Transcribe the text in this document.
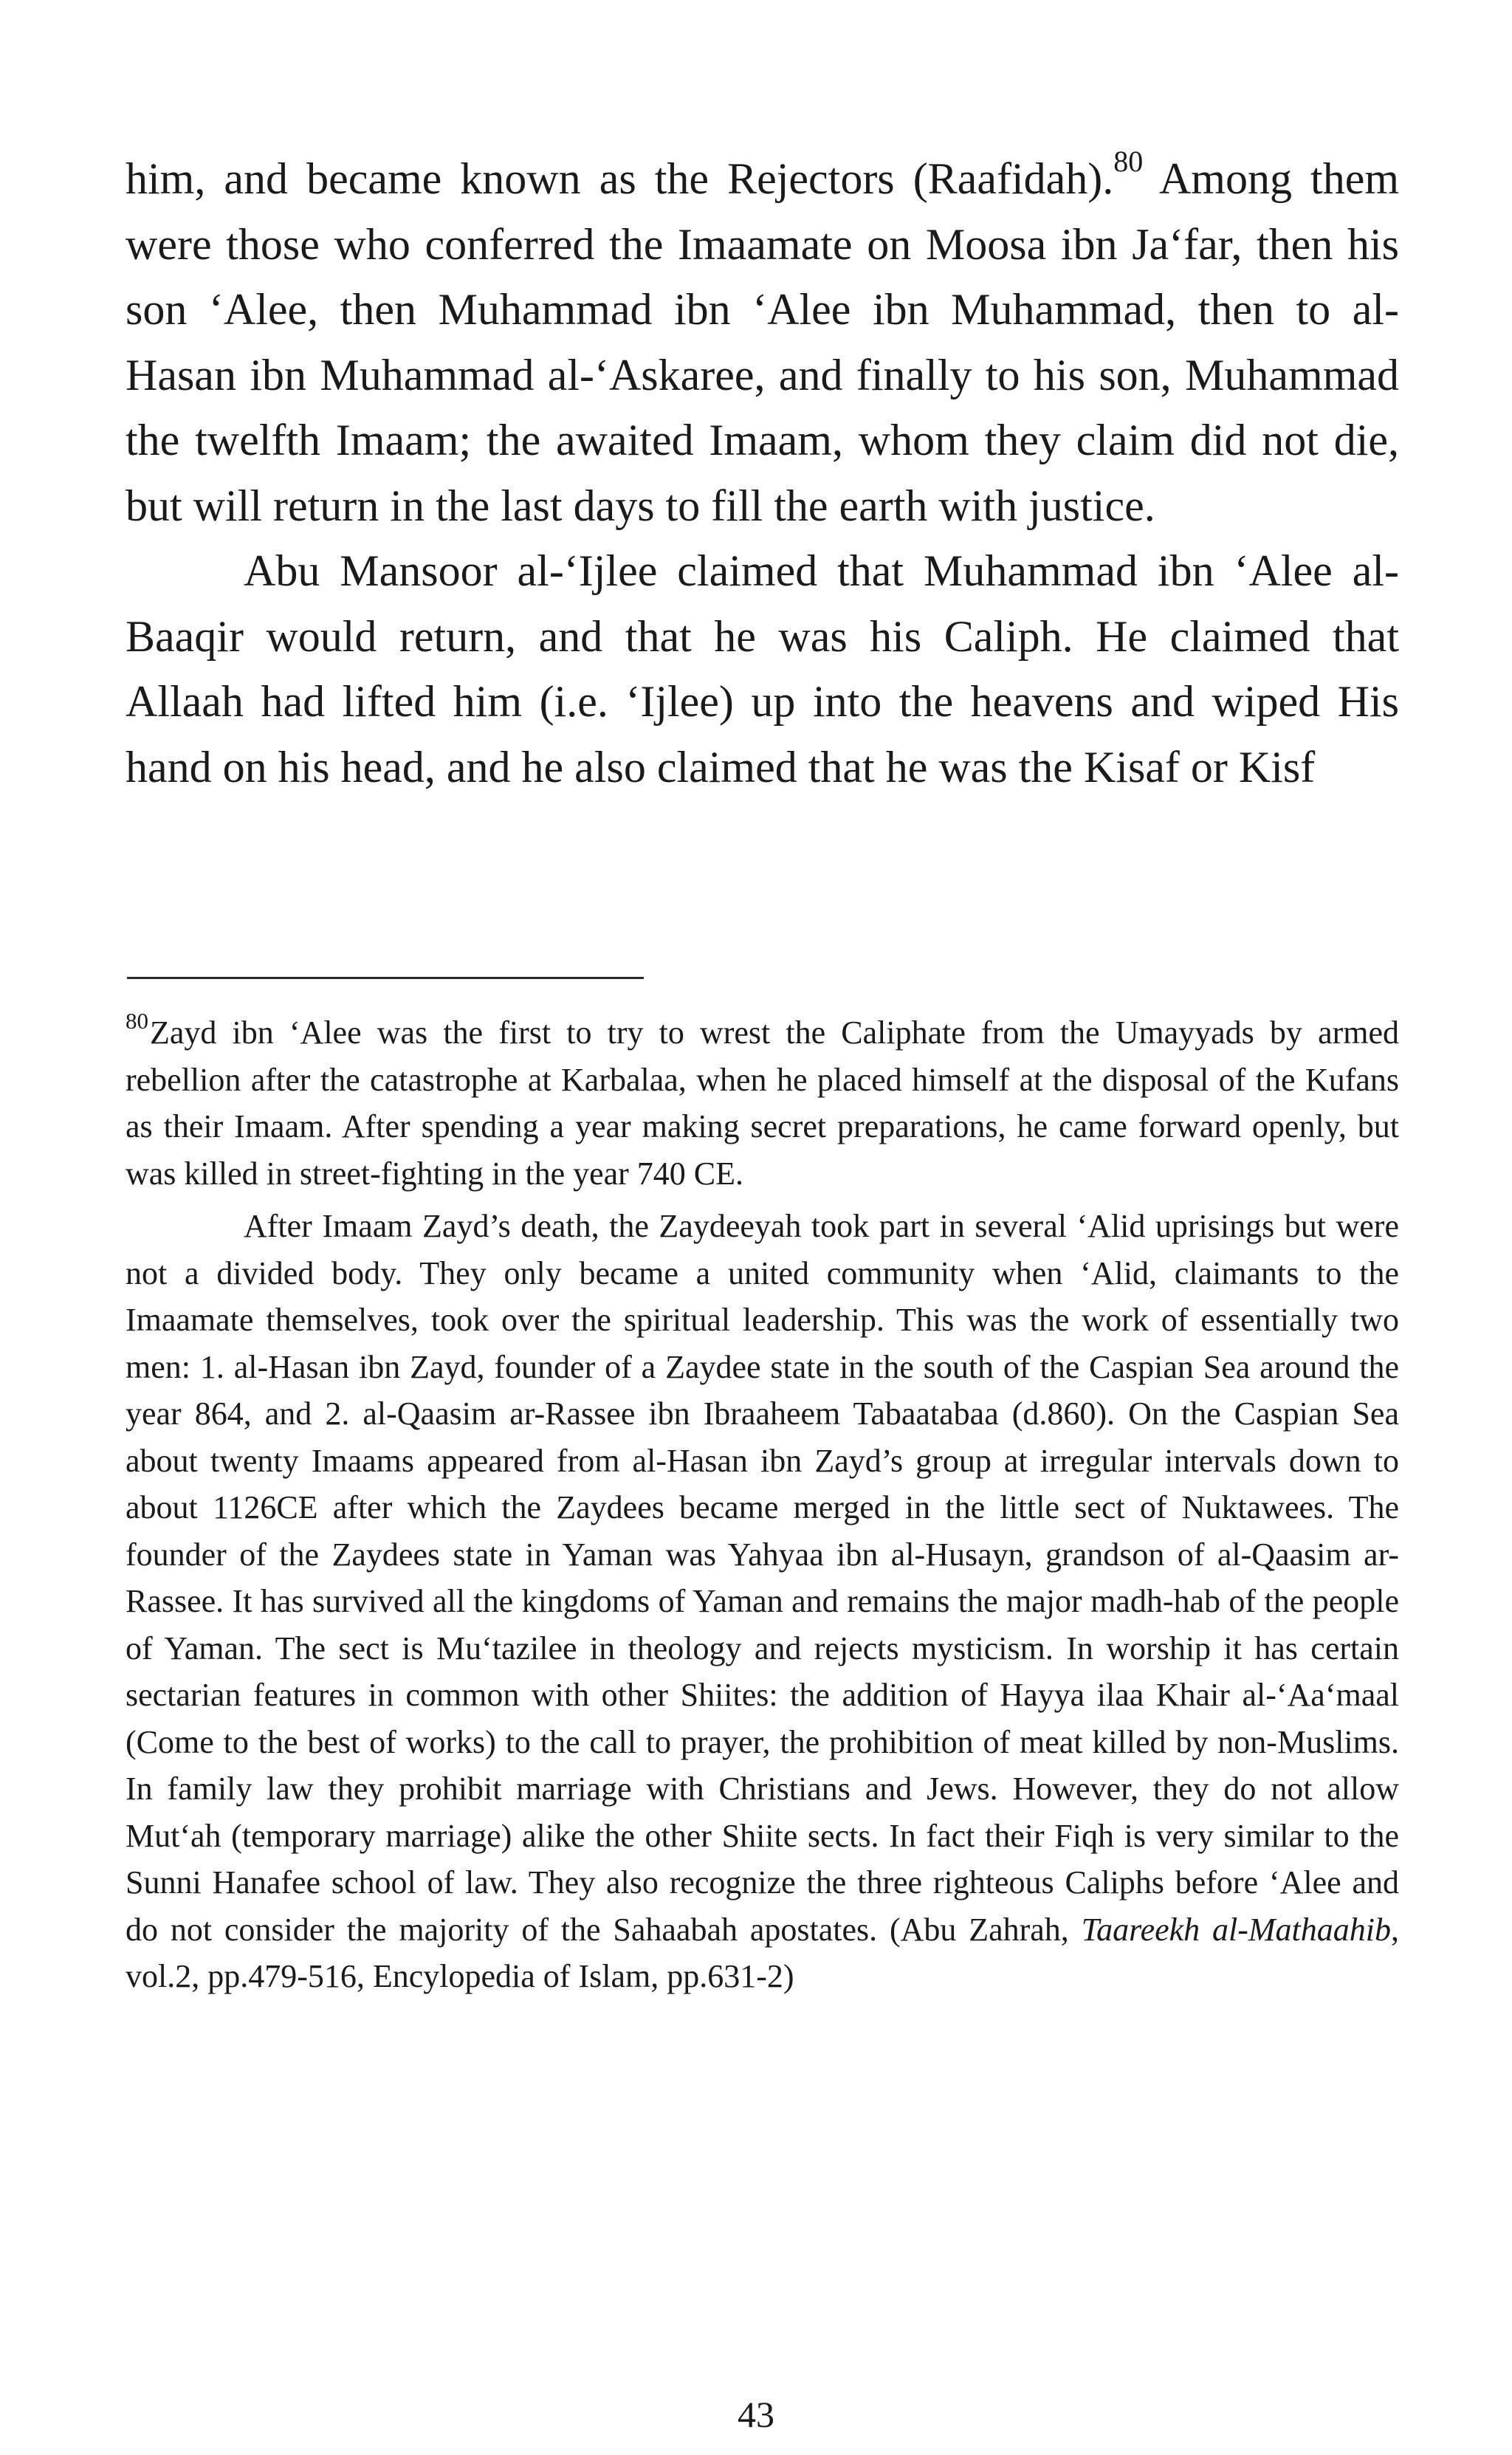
him, and became known as the Rejectors (Raafidah).$^{80}$ Among them were those who conferred the Imaamate on Moosa ibn Ja‘far, then his son ‘Alee, then Muhammad ibn ‘Alee ibn Muhammad, then to al-Hasan ibn Muhammad al-‘Askaree, and finally to his son, Muhammad the twelfth Imaam; the awaited Imaam, whom they claim did not die, but will return in the last days to fill the earth with justice.

Abu Mansoor al-‘Ijlee claimed that Muhammad ibn ‘Alee al-Baaqir would return, and that he was his Caliph. He claimed that Allaah had lifted him (i.e. ‘Ijlee) up into the heavens and wiped His hand on his head, and he also claimed that he was the Kisaf or Kisf

$^{80}$Zayd ibn ‘Alee was the first to try to wrest the Caliphate from the Umayyads by armed rebellion after the catastrophe at Karbalaa, when he placed himself at the disposal of the Kufans as their Imaam. After spending a year making secret preparations, he came forward openly, but was killed in street-fighting in the year 740 CE.

After Imaam Zayd’s death, the Zaydeeyah took part in several ‘Alid uprisings but were not a divided body. They only became a united community when ‘Alid, claimants to the Imaamate themselves, took over the spiritual leadership. This was the work of essentially two men: 1. al-Hasan ibn Zayd, founder of a Zaydee state in the south of the Caspian Sea around the year 864, and 2. al-Qaasim ar-Rassee ibn Ibraaheem Tabaatabaa (d.860). On the Caspian Sea about twenty Imaams appeared from al-Hasan ibn Zayd’s group at irregular intervals down to about 1126CE after which the Zaydees became merged in the little sect of Nuktawees. The founder of the Zaydees state in Yaman was Yahyaa ibn al-Husayn, grandson of al-Qaasim ar-Rassee. It has survived all the kingdoms of Yaman and remains the major madh-hab of the people of Yaman. The sect is Mu‘tazilee in theology and rejects mysticism. In worship it has certain sectarian features in common with other Shiites: the addition of Hayya ilaa Khair al-‘Aa‘maal (Come to the best of works) to the call to prayer, the prohibition of meat killed by non-Muslims. In family law they prohibit marriage with Christians and Jews. However, they do not allow Mut‘ah (temporary marriage) alike the other Shiite sects. In fact their Fiqh is very similar to the Sunni Hanafee school of law. They also recognize the three righteous Caliphs before ‘Alee and do not consider the majority of the Sahaabah apostates. (Abu Zahrah, Taareekh al-Mathaahib, vol.2, pp.479-516, Encylopedia of Islam, pp.631-2)

43
